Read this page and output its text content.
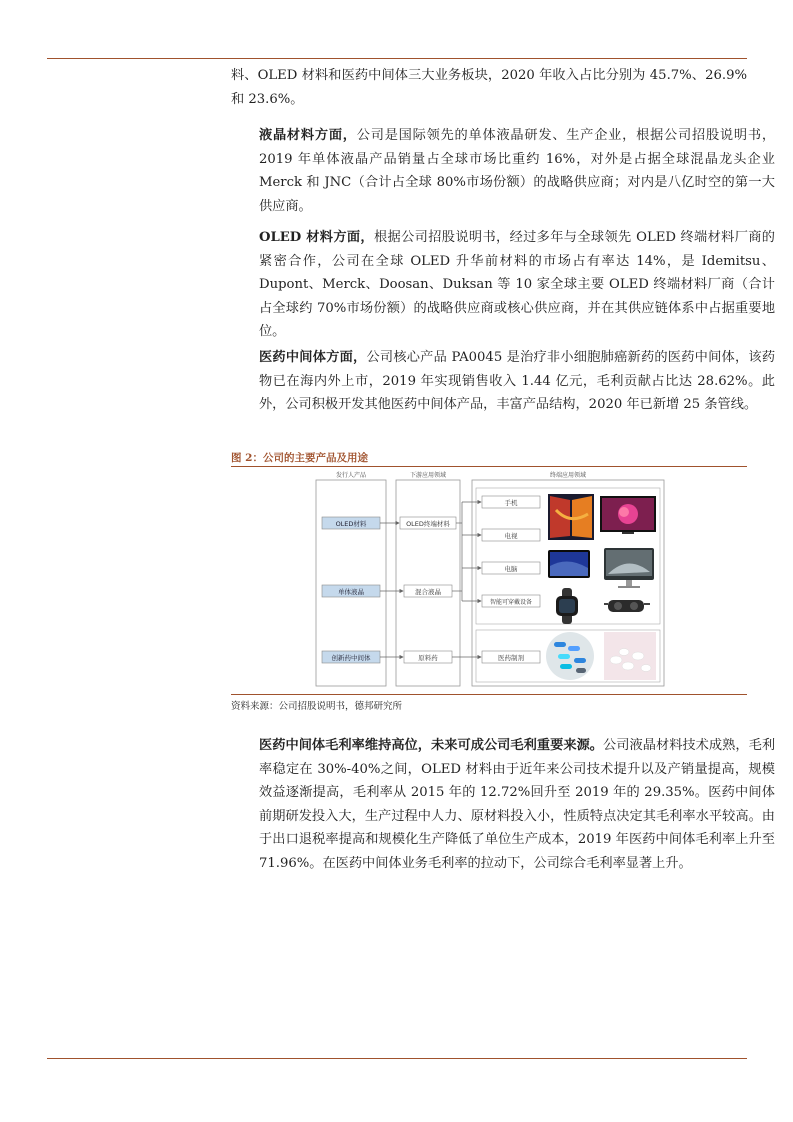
料、OLED 材料和医药中间体三大业务板块，2020 年收入占比分别为 45.7%、26.9%和 23.6%。

液晶材料方面，公司是国际领先的单体液晶研发、生产企业，根据公司招股说明书，2019 年单体液晶产品销量占全球市场比重约 16%，对外是占据全球混晶龙头企业 Merck 和 JNC（合计占全球 80%市场份额）的战略供应商；对内是八亿时空的第一大供应商。

OLED 材料方面，根据公司招股说明书，经过多年与全球领先 OLED 终端材料厂商的紧密合作，公司在全球 OLED 升华前材料的市场占有率达 14%，是 Idemitsu、Dupont、Merck、Doosan、Duksan 等 10 家全球主要 OLED 终端材料厂商（合计占全球约 70%市场份额）的战略供应商或核心供应商，并在其供应链体系中占据重要地位。

医药中间体方面，公司核心产品 PA0045 是治疗非小细胞肺癌新药的医药中间体，该药物已在海内外上市，2019 年实现销售收入 1.44 亿元，毛利贡献占比达 28.62%。此外，公司积极开发其他医药中间体产品，丰富产品结构，2020 年已新增 25 条管线。

图 2：公司的主要产品及用途
发行人产品	下游应用领域	终端应用领域
OLED材料
单体液晶
创新药中间体
OLED终端材料
混合液晶
原料药
手机
电视
电脑
智能可穿戴设备
医药制剂
资料来源：公司招股说明书，德邦研究所

医药中间体毛利率维持高位，未来可成公司毛利重要来源。公司液晶材料技术成熟，毛利率稳定在 30%-40%之间，OLED 材料由于近年来公司技术提升以及产销量提高，规模效益逐渐提高，毛利率从 2015 年的 12.72%回升至 2019 年的 29.35%。医药中间体前期研发投入大，生产过程中人力、原材料投入小，性质特点决定其毛利率水平较高。由于出口退税率提高和规模化生产降低了单位生产成本，2019 年医药中间体毛利率上升至 71.96%。在医药中间体业务毛利率的拉动下，公司综合毛利率显著上升。
